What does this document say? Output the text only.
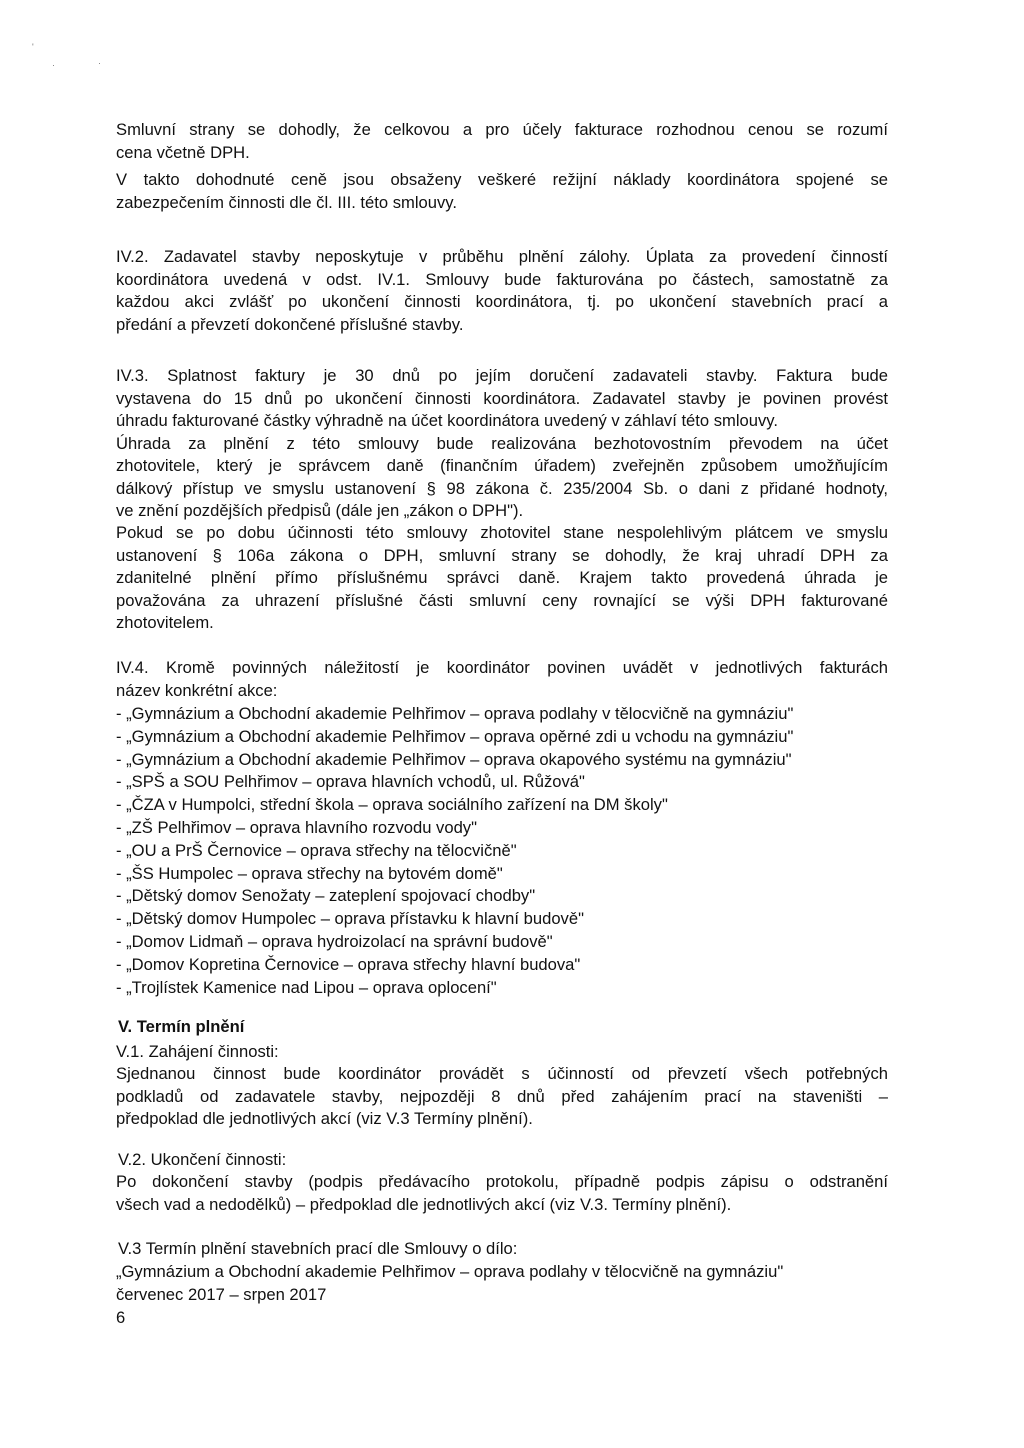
'
·	·
Smluvní strany se dohodly, že celkovou a pro účely fakturace rozhodnou cenou se rozumí
cena včetně DPH.
V takto dohodnuté ceně jsou obsaženy veškeré režijní náklady koordinátora spojené se
zabezpečením činnosti dle čl. III. této smlouvy.
IV.2. Zadavatel stavby neposkytuje v průběhu plnění zálohy. Úplata za provedení činností
koordinátora uvedená v odst. IV.1. Smlouvy bude fakturována po částech, samostatně za
každou akci zvlášť po ukončení činnosti koordinátora, tj. po ukončení stavebních prací a
předání a převzetí dokončené příslušné stavby.
IV.3. Splatnost faktury je 30 dnů po jejím doručení zadavateli stavby. Faktura bude
vystavena do 15 dnů po ukončení činnosti koordinátora. Zadavatel stavby je povinen provést
úhradu fakturované částky výhradně na účet koordinátora uvedený v záhlaví této smlouvy.
Úhrada za plnění z této smlouvy bude realizována bezhotovostním převodem na účet
zhotovitele, který je správcem daně (finančním úřadem) zveřejněn způsobem umožňujícím
dálkový přístup ve smyslu ustanovení § 98 zákona č. 235/2004 Sb. o dani z přidané hodnoty,
ve znění pozdějších předpisů (dále jen „zákon o DPH").
Pokud se po dobu účinnosti této smlouvy zhotovitel stane nespolehlivým plátcem ve smyslu
ustanovení § 106a zákona o DPH, smluvní strany se dohodly, že kraj uhradí DPH za
zdanitelné plnění přímo příslušnému správci daně. Krajem takto provedená úhrada je
považována za uhrazení příslušné části smluvní ceny rovnající se výši DPH fakturované
zhotovitelem.
IV.4. Kromě povinných náležitostí je koordinátor povinen uvádět v jednotlivých fakturách
název konkrétní akce:
- „Gymnázium a Obchodní akademie Pelhřimov – oprava podlahy v tělocvičně na gymnáziu"
- „Gymnázium a Obchodní akademie Pelhřimov – oprava opěrné zdi u vchodu na gymnáziu"
- „Gymnázium a Obchodní akademie Pelhřimov – oprava okapového systému na gymnáziu"
- „SPŠ a SOU Pelhřimov – oprava hlavních vchodů, ul. Růžová"
- „ČZA v Humpolci, střední škola – oprava sociálního zařízení na DM školy"
- „ZŠ Pelhřimov – oprava hlavního rozvodu vody"
- „OU a PrŠ Černovice – oprava střechy na tělocvičně"
- „ŠS Humpolec – oprava střechy na bytovém domě"
- „Dětský domov Senožaty – zateplení spojovací chodby"
- „Dětský domov Humpolec – oprava přístavku k hlavní budově"
- „Domov Lidmaň – oprava hydroizolací na správní budově"
- „Domov Kopretina Černovice – oprava střechy hlavní budova"
- „Trojlístek Kamenice nad Lipou – oprava oplocení"
V. Termín plnění
V.1. Zahájení činnosti:
Sjednanou činnost bude koordinátor provádět s účinností od převzetí všech potřebných
podkladů od zadavatele stavby, nejpozději 8 dnů před zahájením prací na staveništi –
předpoklad dle jednotlivých akcí (viz V.3 Termíny plnění).
V.2. Ukončení činnosti:
Po dokončení stavby (podpis předávacího protokolu, případně podpis zápisu o odstranění
všech vad a nedodělků) – předpoklad dle jednotlivých akcí (viz V.3. Termíny plnění).
V.3 Termín plnění stavebních prací dle Smlouvy o dílo:
„Gymnázium a Obchodní akademie Pelhřimov – oprava podlahy v tělocvičně na gymnáziu"
červenec 2017 – srpen 2017
6
